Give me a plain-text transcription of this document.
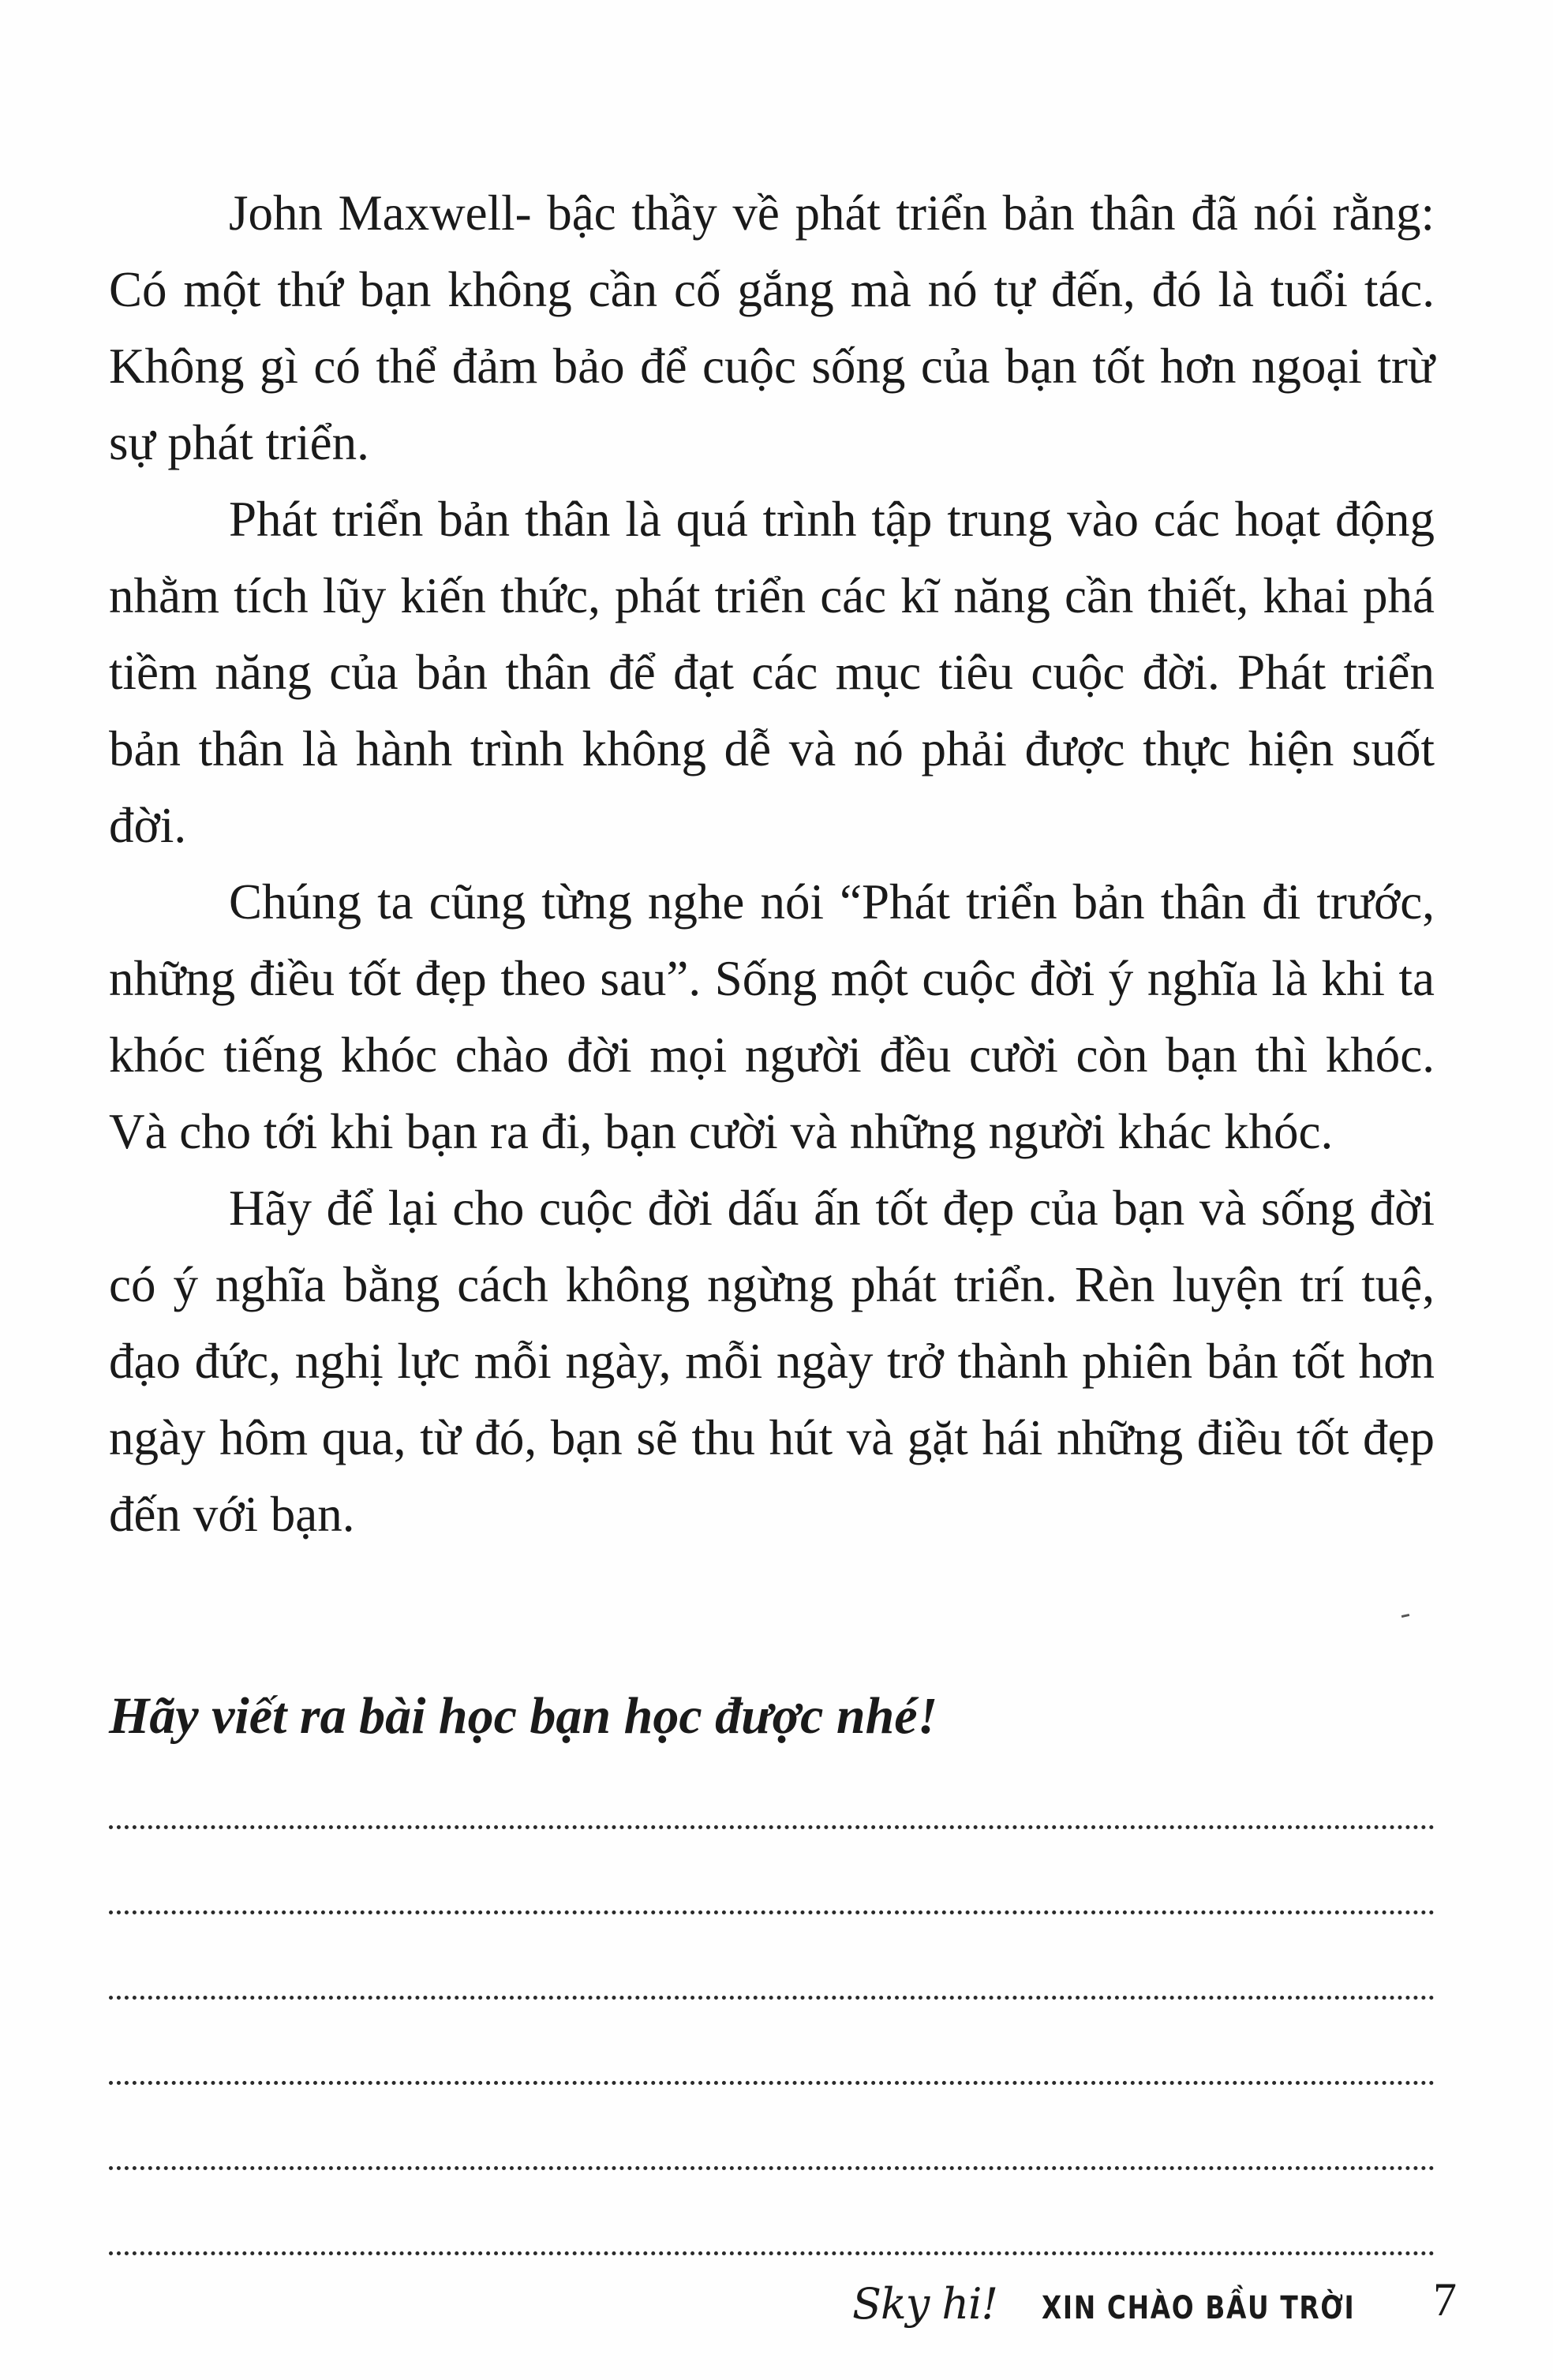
John Maxwell- bậc thầy về phát triển bản thân đã nói rằng: Có một thứ bạn không cần cố gắng mà nó tự đến, đó là tuổi tác. Không gì có thể đảm bảo để cuộc sống của bạn tốt hơn ngoại trừ sự phát triển.

Phát triển bản thân là quá trình tập trung vào các hoạt động nhằm tích lũy kiến thức, phát triển các kĩ năng cần thiết, khai phá tiềm năng của bản thân để đạt các mục tiêu cuộc đời. Phát triển bản thân là hành trình không dễ và nó phải được thực hiện suốt đời.

Chúng ta cũng từng nghe nói “Phát triển bản thân đi trước, những điều tốt đẹp theo sau”. Sống một cuộc đời ý nghĩa là khi ta khóc tiếng khóc chào đời mọi người đều cười còn bạn thì khóc. Và cho tới khi bạn ra đi, bạn cười và những người khác khóc.

Hãy để lại cho cuộc đời dấu ấn tốt đẹp của bạn và sống đời có ý nghĩa bằng cách không ngừng phát triển. Rèn luyện trí tuệ, đạo đức, nghị lực mỗi ngày, mỗi ngày trở thành phiên bản tốt hơn ngày hôm qua, từ đó, bạn sẽ thu hút và gặt hái những điều tốt đẹp đến với bạn.

Hãy viết ra bài học bạn học được nhé!
Sky hi! XIN CHÀO BẦU TRỜI 7
